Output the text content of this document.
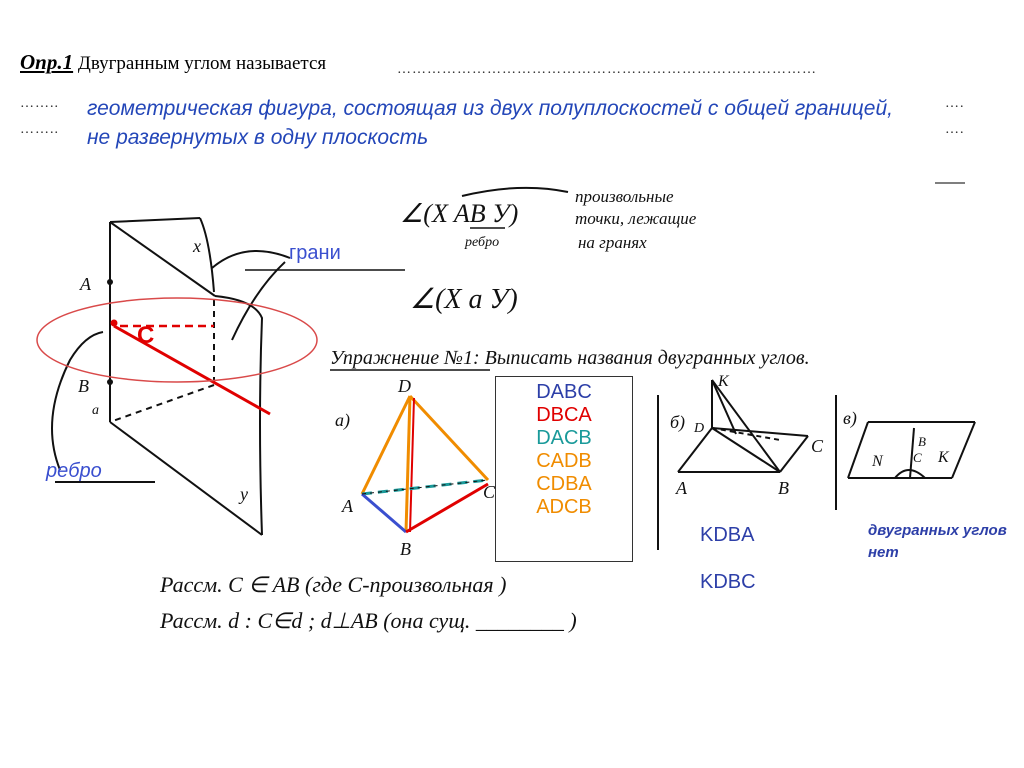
Опр.1 Двугранным углом называется	…………………………………………………………………………
……..
……..
….
….
геометрическая фигура, состоящая из двух полуплоскостей с общей границей, не развернутых в одну плоскость
A
B
a
x
y
C
∠(X AB У)
ребро
произвольные
точки, лежащие
на гранях
∠(X a У)
Упражнение №1: Выписать названия двугранных углов.
а)
D
A
B
C
б)
K
D
A	B
C
в)
N C
B
K
Рассм. C ∈ AB (где C-произвольная )
Рассм. d : C∈d ; d⊥AB (она сущ. ________ )
грани
ребро
DABC
DBCA
DACB
CADB
CDBA
ADCB
KDBA
KDBC
двугранных углов нет
